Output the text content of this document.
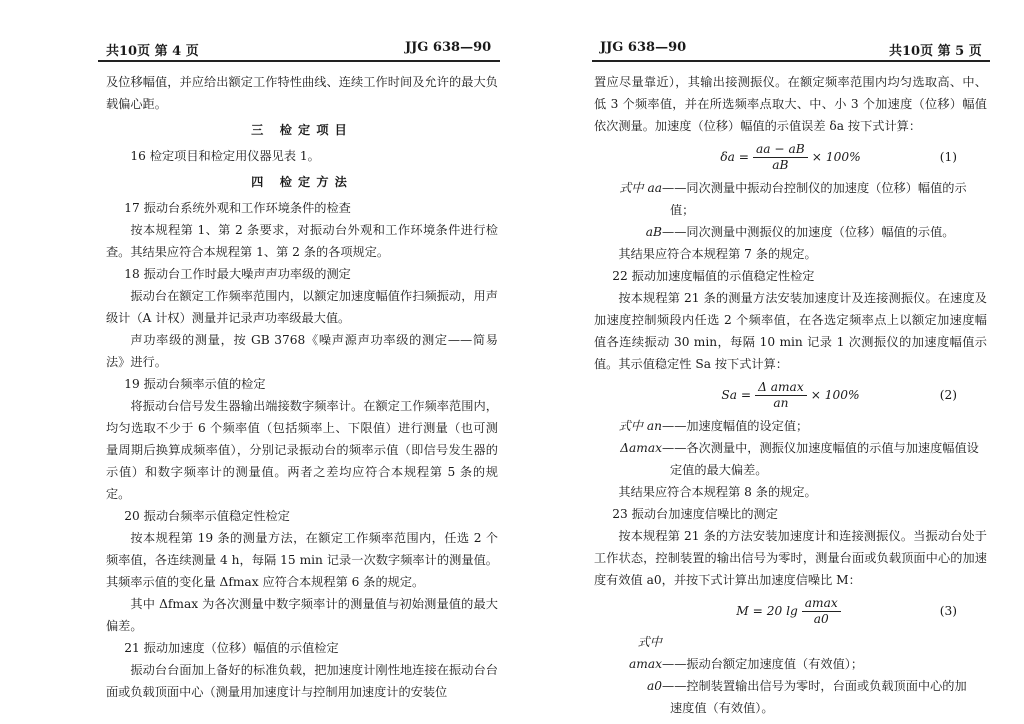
共10页 第 4 页	JJG 638—90

及位移幅值，并应给出额定工作特性曲线、连续工作时间及允许的最大负载偏心距。

三 检定项目

16 检定项目和检定用仪器见表 1。

四 检定方法

17 振动台系统外观和工作环境条件的检查

按本规程第 1、第 2 条要求，对振动台外观和工作环境条件进行检查。其结果应符合本规程第 1、第 2 条的各项规定。

18 振动台工作时最大噪声声功率级的测定

振动台在额定工作频率范围内，以额定加速度幅值作扫频振动，用声级计（A 计权）测量并记录声功率级最大值。

声功率级的测量，按 GB 3768《噪声源声功率级的测定——简易法》进行。

19 振动台频率示值的检定

将振动台信号发生器输出端接数字频率计。在额定工作频率范围内，均匀选取不少于 6 个频率值（包括频率上、下限值）进行测量（也可测量周期后换算成频率值），分别记录振动台的频率示值（即信号发生器的示值）和数字频率计的测量值。两者之差均应符合本规程第 5 条的规定。

20 振动台频率示值稳定性检定

按本规程第 19 条的测量方法，在额定工作频率范围内，任选 2 个频率值，各连续测量 4 h，每隔 15 min 记录一次数字频率计的测量值。其频率示值的变化量 Δfmax 应符合本规程第 6 条的规定。

其中 Δfmax 为各次测量中数字频率计的测量值与初始测量值的最大偏差。

21 振动加速度（位移）幅值的示值检定

振动台台面加上备好的标准负载，把加速度计刚性地连接在振动台台面或负载顶面中心（测量用加速度计与控制用加速度计的安装位

JJG 638—90	共10页 第 5 页

置应尽量靠近），其输出接测振仪。在额定频率范围内均匀选取高、中、低 3 个频率值，并在所选频率点取大、中、小 3 个加速度（位移）幅值依次测量。加速度（位移）幅值的示值误差 δa 按下式计算：

$\delta a = \frac{aa - aB}{aB} \times 100\%$	(1)
式中 aa——同次测量中振动台控制仪的加速度（位移）幅值的示
值；
aB——同次测量中测振仪的加速度（位移）幅值的示值。

其结果应符合本规程第 7 条的规定。

22 振动加速度幅值的示值稳定性检定

按本规程第 21 条的测量方法安装加速度计及连接测振仪。在速度及加速度控制频段内任选 2 个频率值，在各选定频率点上以额定加速度幅值各连续振动 30 min，每隔 10 min 记录 1 次测振仪的加速度幅值示值。其示值稳定性 Sa 按下式计算：

$Sa = \frac{\text{Δ amax}}{an} \times 100\%$	(2)
式中 an——加速度幅值的设定值；
Δamax——各次测量中，测振仪加速度幅值的示值与加速度幅值设
定值的最大偏差。

其结果应符合本规程第 8 条的规定。

23 振动台加速度信噪比的测定

按本规程第 21 条的方法安装加速度计和连接测振仪。当振动台处于工作状态，控制装置的输出信号为零时，测量台面或负载顶面中心的加速度有效值 a0，并按下式计算出加速度信噪比 M：

M = 20 $\lg \frac{amax}{a0}$	(3)
式中 amax——振动台额定加速度值（有效值）；
a0——控制装置输出信号为零时，台面或负载顶面中心的加
速度值（有效值）。
